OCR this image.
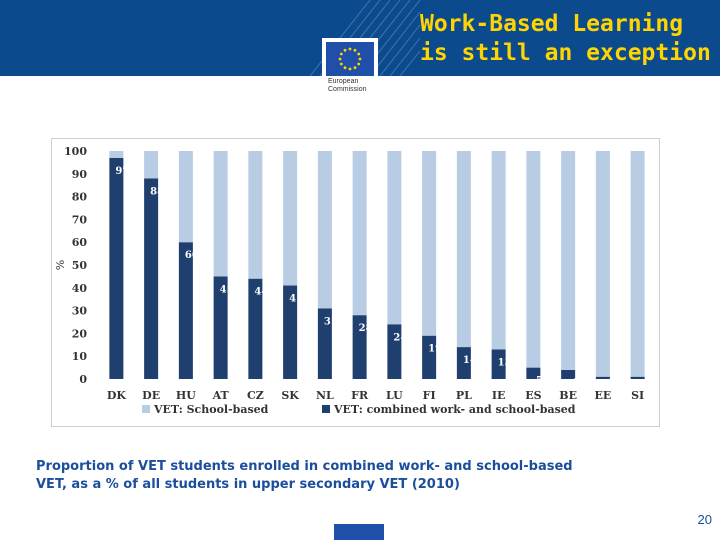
Work-Based Learning
is still an exception
European
Commission
0
10
20
30
40
50
60
70
80
90
100
%
97
DK
88
DE
60
HU
45
AT
44
CZ
41
SK
31
NL
28
FR
24
LU
19
FI
14
PL
13
IE
5
ES
4
BE EE SI
VET: School-based	VET: combined work- and school-based
Proportion of VET students enrolled in combined work- and school-based
VET, as a % of all students in upper secondary VET (2010)
20
